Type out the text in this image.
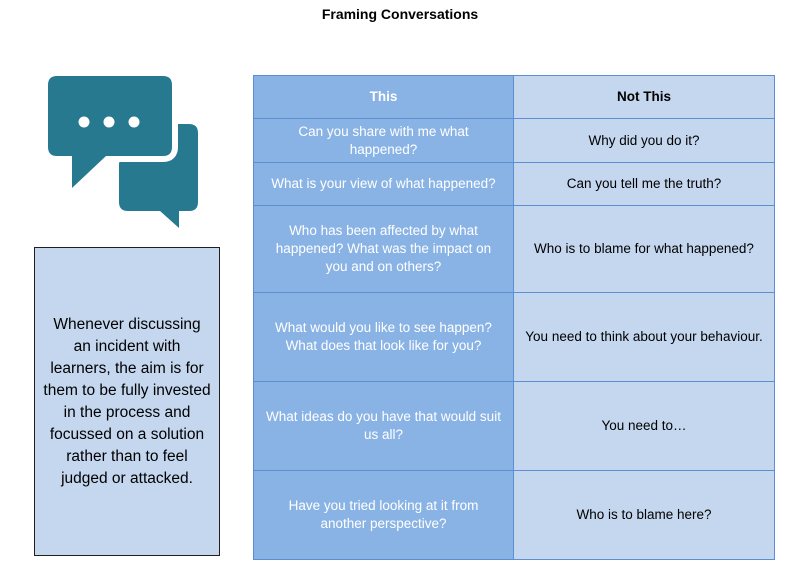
Framing Conversations
Whenever discussing an incident with learners, the aim is for them to be fully invested in the process and focussed on a solution rather than to feel judged or attacked.
This	Not This
Can you share with me what happened?	Why did you do it?
What is your view of what happened?	Can you tell me the truth?
Who has been affected by what happened? What was the impact on you and on others?	Who is to blame for what happened?
What would you like to see happen? What does that look like for you?	You need to think about your behaviour.
What ideas do you have that would suit us all?	You need to…
Have you tried looking at it from another perspective?	Who is to blame here?
